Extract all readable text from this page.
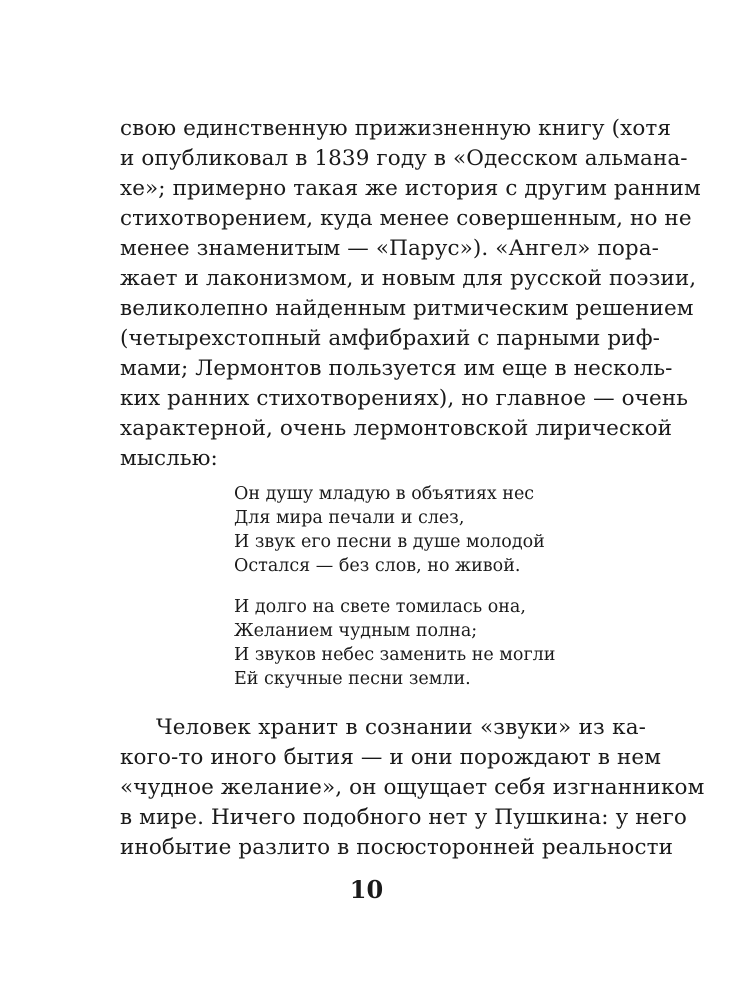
свою единственную прижизненную книгу (хотя
и опубликовал в 1839 году в «Одесском альмана-
хе»; примерно такая же история с другим ранним
стихотворением, куда менее совершенным, но не
менее знаменитым — «Парус»). «Ангел» пора-
жает и лаконизмом, и новым для русской поэзии,
великолепно найденным ритмическим решением
(четырехстопный амфибрахий с парными риф-
мами; Лермонтов пользуется им еще в несколь-
ких ранних стихотворениях), но главное — очень
характерной, очень лермонтовской лирической
мыслью:
Он душу младую в объятиях нес
Для мира печали и слез,
И звук его песни в душе молодой
Остался — без слов, но живой.
И долго на свете томилась она,
Желанием чудным полна;
И звуков небес заменить не могли
Ей скучные песни земли.
Человек хранит в сознании «звуки» из ка-
кого-то иного бытия — и они порождают в нем
«чудное желание», он ощущает себя изгнанником
в мире. Ничего подобного нет у Пушкина: у него
инобытие разлито в посюсторонней реальности
10
